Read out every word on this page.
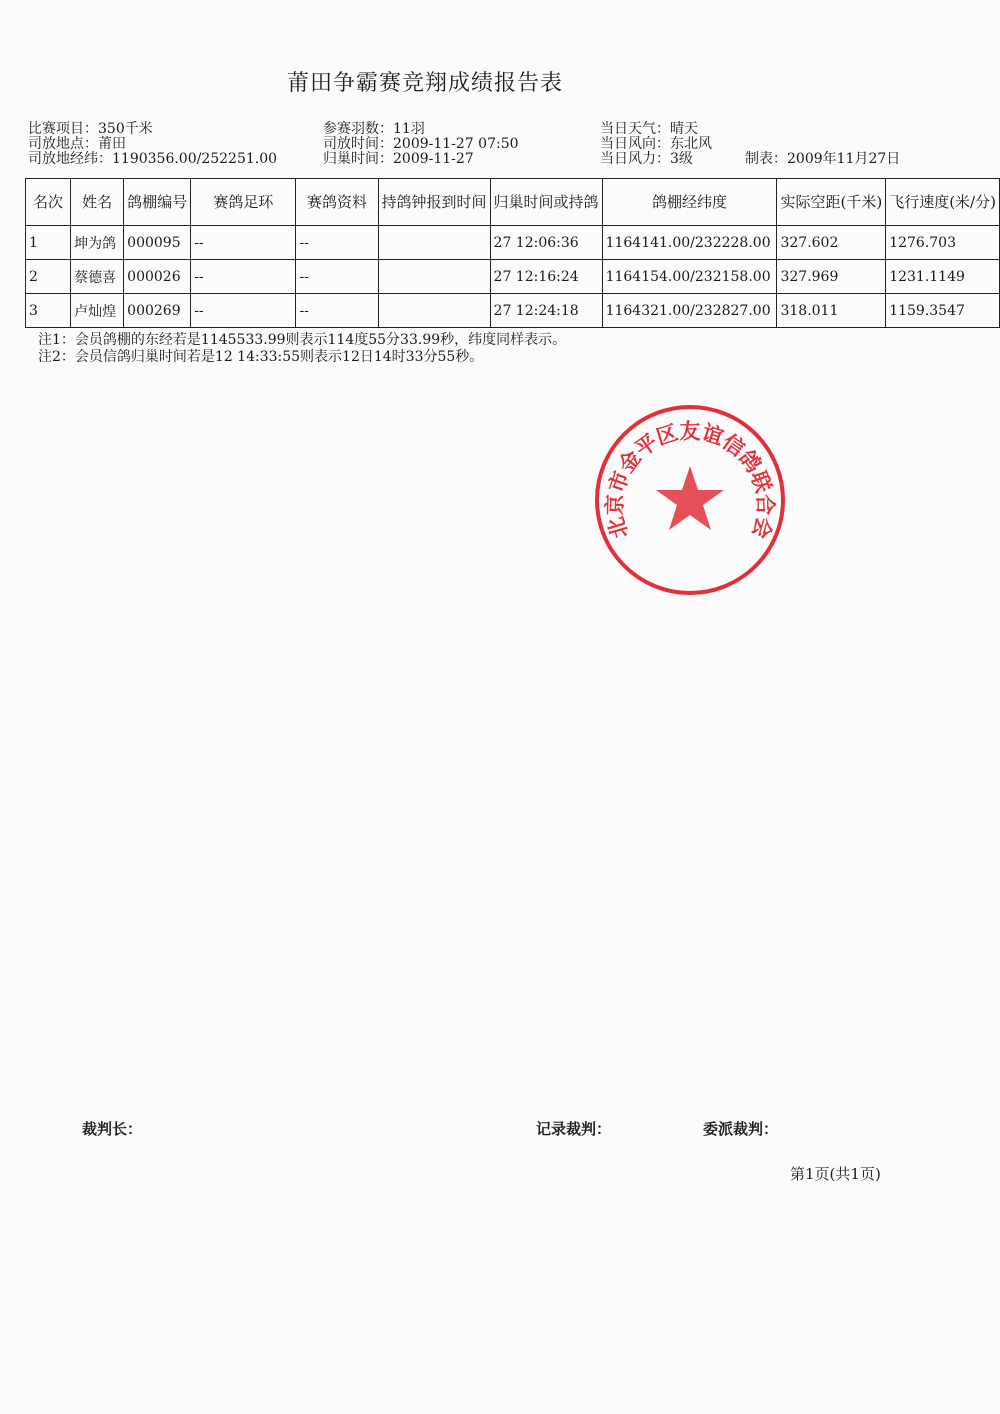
莆田争霸赛竞翔成绩报告表
比赛项目：350千米
司放地点：莆田
司放地经纬：1190356.00/252251.00
参赛羽数：11羽
司放时间：2009-11-27 07:50
归巢时间：2009-11-27
当日天气：晴天
当日风向：东北风
当日风力：3级	制表：2009年11月27日
名次	姓名	鸽棚编号	赛鸽足环	赛鸽资料	持鸽钟报到时间	归巢时间或持鸽	鸽棚经纬度	实际空距(千米)	飞行速度(米/分)
1	坤为鸽	000095	--	--		27 12:06:36	1164141.00/232228.00	327.602	1276.703
2	蔡德喜	000026	--	--		27 12:16:24	1164154.00/232158.00	327.969	1231.1149
3	卢灿煌	000269	--	--		27 12:24:18	1164321.00/232827.00	318.011	1159.3547
注1：会员鸽棚的东经若是1145533.99则表示114度55分33.99秒，纬度同样表示。
注2：会员信鸽归巢时间若是12 14:33:55则表示12日14时33分55秒。
北京市金平区友谊信鸽联合会
裁判长：	记录裁判：	委派裁判：
第1页(共1页)
